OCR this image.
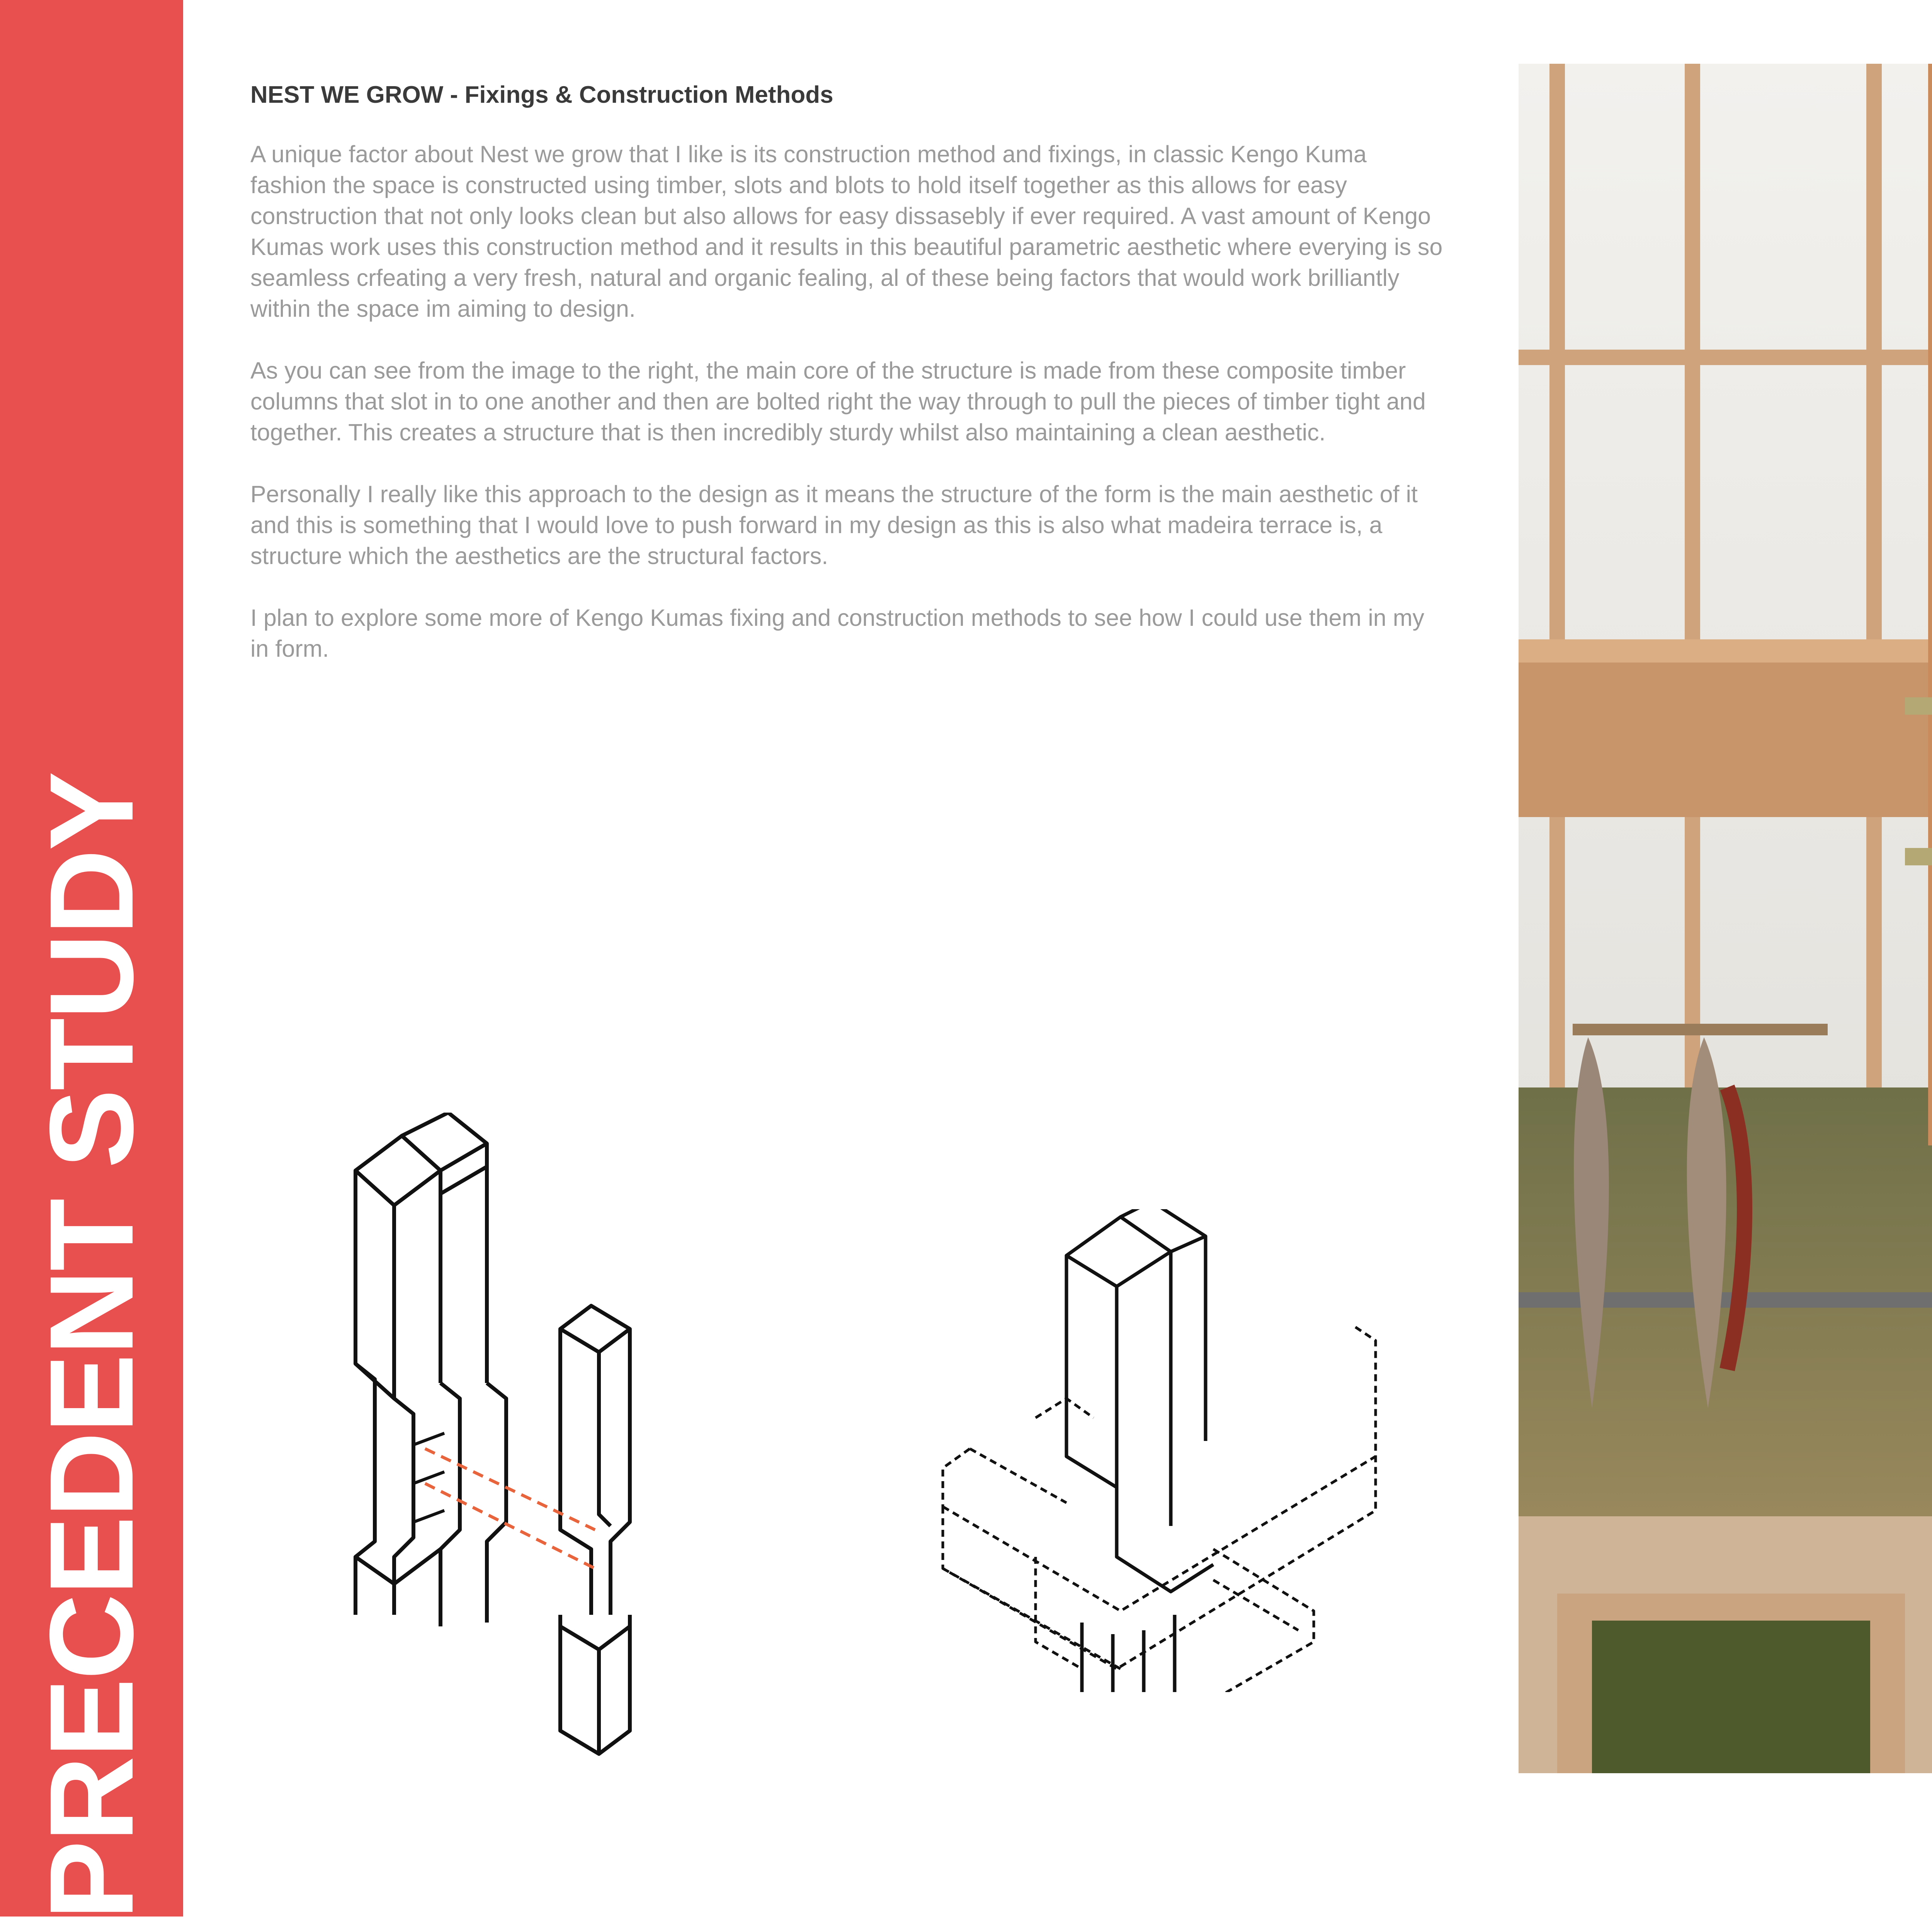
PRECEDENT STUDY
NEST WE GROW - Fixings & Construction Methods

A unique factor about Nest we grow that I like is its construction method and fixings, in classic Kengo Kuma fashion the space is constructed using timber, slots and blots to hold itself together as this allows for easy construction that not only looks clean but also allows for easy dissasebly if ever required. A vast amount of Kengo Kumas work uses this construction method and it results in this beautiful parametric aesthetic where everying is so seamless crfeating a very fresh, natural and organic fealing, al of these being factors that would work brilliantly within the space im aiming to design.

As you can see from the image to the right, the main core of the structure is made from these composite timber columns that slot in to one another and then are bolted right the way through to pull the pieces of timber tight and together. This creates a structure that is then incredibly sturdy whilst also maintaining a clean aesthetic.

Personally I really like this approach to the design as it means the structure of the form is the main aesthetic of it and this is something that I would love to push forward in my design as this is also what madeira terrace is, a structure which the aesthetics are the structural factors.

I plan to explore some more of Kengo Kumas fixing and construction methods to see how I could use them in my in form.
